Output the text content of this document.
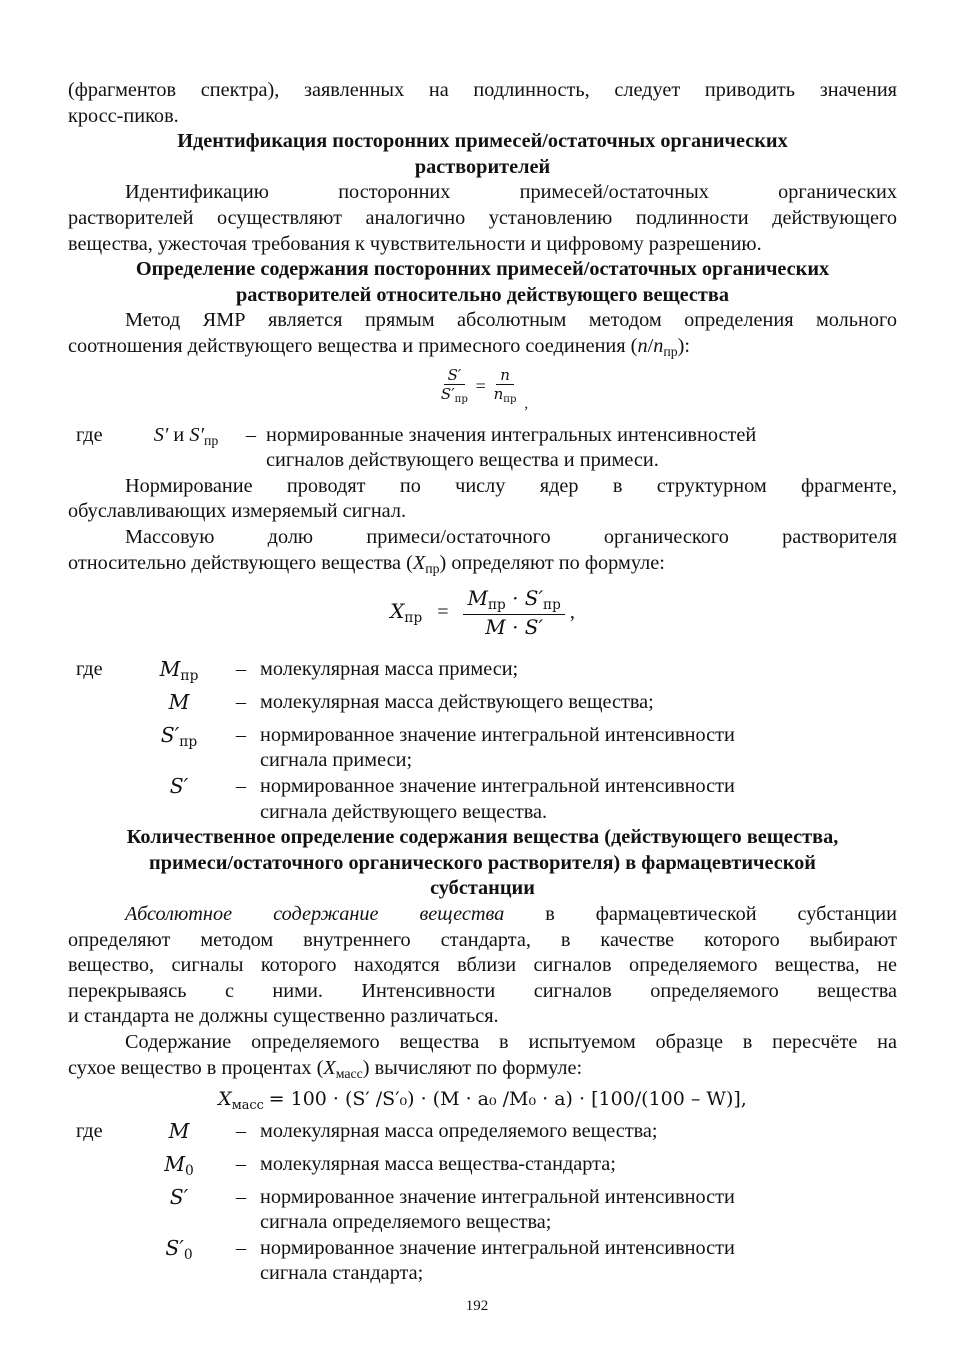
(фрагментов спектра), заявленных на подлинность, следует приводить значения

кросс-пиков.

Идентификация посторонних примесей/остаточных органических
растворителей

Идентификацию посторонних примесей/остаточных органических

растворителей осуществляют аналогично установлению подлинности действующего

вещества, ужесточая требования к чувствительности и цифровому разрешению.

Определение содержания посторонних примесей/остаточных органических
растворителей относительно действующего вещества

Метод ЯМР является прямым абсолютным методом определения мольного

соотношения действующего вещества и примесного соединения $(n/n_{пр})$:

$\frac{S'}{S'_{пр}} = \frac{n}{n_{пр}}$ ,
где	S′ и $S'_{пр}$	–	нормированные значения интегральных интенсивностей
сигналов действующего вещества и примеси.

Нормирование проводят по числу ядер в структурном фрагменте,

обуславливающих измеряемый сигнал.

Массовую долю примеси/остаточного органического растворителя

относительно действующего вещества $(X_{пр})$ определяют по формуле:

$X_{пр} = \frac{M_{пр} \cdot S'_{пр}}{M \cdot S'}$ ,
где	$M_{пр}$	–	молекулярная масса примеси;

	M	–	молекулярная масса действующего вещества;

	$S'_{пр}$	–	нормированное значение интегральной интенсивности
сигнала примеси;

	S′	–	нормированное значение интегральной интенсивности
сигнала действующего вещества.
Количественное определение содержания вещества (действующего вещества,
примеси/остаточного органического растворителя) в фармацевтической
субстанции

Абсолютное содержание вещества в фармацевтической субстанции

определяют методом внутреннего стандарта, в качестве которого выбирают

вещество, сигналы которого находятся вблизи сигналов определяемого вещества, не

перекрываясь с ними. Интенсивности сигналов определяемого вещества

и стандарта не должны существенно различаться.

Содержание определяемого вещества в испытуемом образце в пересчёте на

сухое вещество в процентах $(X_{масс})$ вычисляют по формуле:

$X_{масс} = 100 \cdot (S'$ /S′₀) · (M · a₀ /M₀ · a) · [100/(100 – W)],
где	M	–	молекулярная масса определяемого вещества;

	$M_0$	–	молекулярная масса вещества-стандарта;

	S′	–	нормированное значение интегральной интенсивности
сигнала определяемого вещества;

	$S'_0$	–	нормированное значение интегральной интенсивности
сигнала стандарта;
192
